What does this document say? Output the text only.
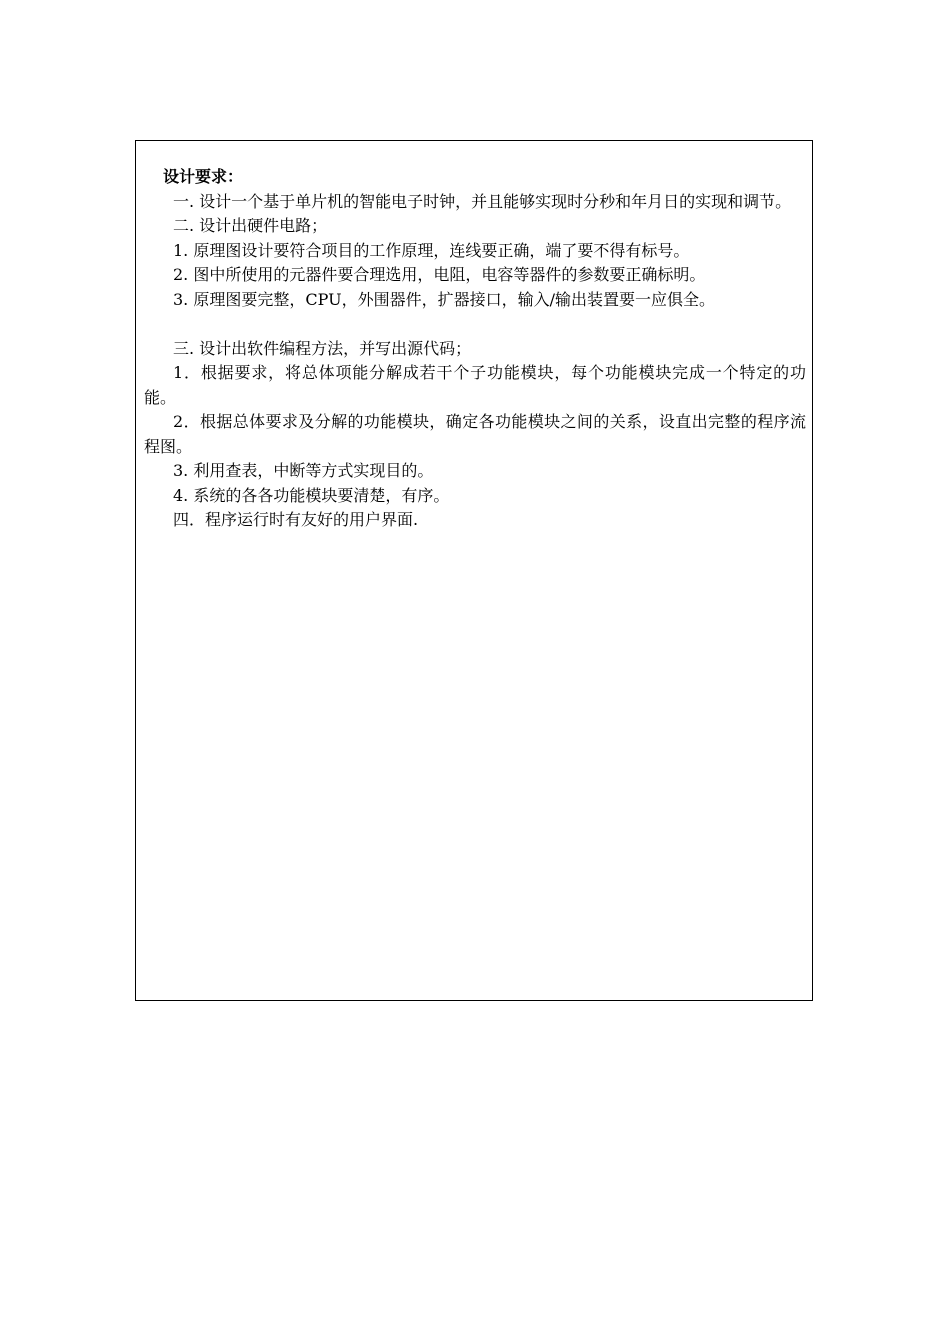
设计要求：

一. 设计一个基于单片机的智能电子时钟，并且能够实现时分秒和年月日的实现和调节。

二. 设计出硬件电路；

1. 原理图设计要符合项目的工作原理，连线要正确，端了要不得有标号。

2. 图中所使用的元器件要合理选用，电阻，电容等器件的参数要正确标明。

3. 原理图要完整，CPU，外围器件，扩器接口，输入/输出装置要一应俱全。

三. 设计出软件编程方法，并写出源代码；

1．根据要求，将总体项能分解成若干个子功能模块，每个功能模块完成一个特定的功能。

2．根据总体要求及分解的功能模块，确定各功能模块之间的关系，设直出完整的程序流程图。

3. 利用查表，中断等方式实现目的。

4. 系统的各各功能模块要清楚，有序。

四．程序运行时有友好的用户界面.
